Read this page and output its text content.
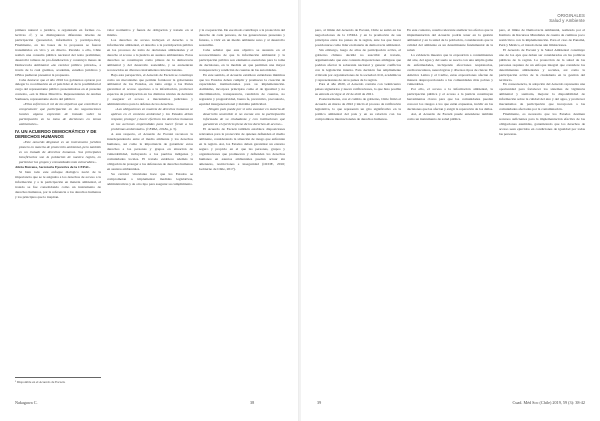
primera natural o jurídica, u organizada en formas co-lectivas o¹, y se distinguieron diferentes niveles de participación (presencial, informativa y participa-tiva). Finalmente, en las bases de la propuesta se fueron transmitidos en vivo y en directo. Paralelo a ello, Chile realizó una consulta pública nacional del texto preliminar, desarrolló talleres de pro-fundización y construyó mesas de Democracia Ambiental «de carácter público privado», a través de la cual gremios, academia, estudios jurídicos y ONGs pudieron presentar la propuesta.

Cabe destacar que el año 2016 los gobiernos optaron por delegar la coordinación en el país líder el de la posibilidad el cargo del representante público presentándose en el presente contexto, «en la Mesa Directiva. Representantes de Andrea Sanhueza, representante electa del público:

«Ellos sufrieron el rol de los objetivos que contribuir a comprometer que participación en las negociaciones locales alguna expresión de tratado sobre la participación en la toma de decisiones en temas ambientales».

IV. UN ACUERDO DEMOCRÁTICO Y DE DERECHOS HUMANOS

«Este Acuerdo Regional es un instrumento jurídico pionero en materia de protección ambiental, pero también es un tratado de derechos humanos. Sus principales beneficiarios son la población de nuestra región, en particular los grupos y comunidades más vulnerables».

Alicia Bárcena, Secretaria Ejecutiva de la CEPAL.

Si bien todo este enfoque dialógico nació de la importancia que se le asignaba a los derechos de acceso a la información y a la participación en materia ambiental, el tratado se fue consolidando como un instrumento de derechos humanos, por la referencia a los derechos humanos y los principios que lo inspiran.

valor normativo y fuerza de obligación y tratado en sí mismo.

Los derechos de acceso incluyen el derecho a la información ambiental, el derecho a la participación pública en los procesos de toma de decisiones ambientales y el derecho al acceso a la justicia en asuntos ambientales. Estos derechos se constituyen como pilares de la democracia ambiental y del desarrollo sostenible, y se encuentran reconocidos en diversos instrumentos internacionales.

Bajo esta perspectiva, el Acuerdo de Escazú se constituye como un mecanismo que permite fortalecer la gobernanza ambiental de los Estados, en tanto exige a las Partes garantizar el acceso oportuno a la información, promover espacios de participación en los distintos niveles de decisión y asegurar el acceso a mecanismos judiciales y administrativos para la defensa de los derechos.

«Las obligaciones en materia de derechos humanos se aplican en el contexto ambiental y los Estados deben respetar, proteger y hacer efectivos los derechos humanos en las acciones emprendidas para hacer frente a los problemas ambientales» (CEPAL, 2018a, p. 5).

A este respecto, el Acuerdo de Escazú reconoce la interdependencia entre el medio ambiente y los derechos humanos, así como la importancia de garantizar estos derechos a las personas y grupos en situación de vulnerabilidad, incluyendo a los pueblos indígenas y comunidades locales. El tratado establece además la obligación de proteger a los defensores de derechos humanos en asuntos ambientales.

Su carácter vinculante hace que los Estados se comprometan a implementar medidas legislativas, administrativas y de otro tipo para asegurar su cumplimiento.

y la cooperación. De ese modo contribuye a la protección del derecho de cada persona, de las generaciones presentes y futuras, a vivir en un medio ambiente sano y al desarrollo sostenible.

Cabe señalar que este objetivo se sustenta en el reconocimiento de que la información ambiental y la participación pública son elementos esenciales para la toma de decisiones, en la medida en que permiten una mayor transparencia y rendición de cuentas de las autoridades.

En este sentido, el Acuerdo establece estándares mínimos que los Estados deben cumplir y promueve la creación de capacidades institucionales para su implementación. Asimismo, incorpora principios como el de igualdad y no discriminación, transparencia, rendición de cuentas, no regresión y progresividad, buena fe, preventivo, precautorio, equidad intergeneracional y máxima publicidad.

«Ningún país puede por sí solo avanzar en materia de desarrollo sostenible si no cuenta con la participación informada de su ciudadanía y con instituciones que garanticen el ejercicio pleno de los derechos de acceso».

El Acuerdo de Escazú también establece disposiciones relevantes para la protección de quienes defienden el medio ambiente, considerando la situación de riesgo que enfrentan en la región. Así, los Estados deben garantizar un entorno seguro y propicio en el que las personas, grupos y organizaciones que promueven y defienden los derechos humanos en asuntos ambientales puedan actuar sin amenazas, restricciones e inseguridad (OCDE, 2016; Gobierno de Chile, 2017).

¹ Disponible en el Acuerdo de Escazú.
Nakagawa C.	38
ORIGINALES
Salud y Ambiente

pero, al límite del Acuerdo de Escazú, Chile se sumó en las negociaciones de la CEPAL y en la promoción de sus principios entre los países de la región, ante los que buscó posicionarse como líder en materia de democracia ambiental.

Sin embargo, luego de años de participación activa, el gobierno chileno decidió no suscribir el tratado, argumentando que este contenía disposiciones ambiguas que podrían afectar la soberanía nacional y generar conflictos con la legislación interna. Esta decisión fue ampliamente criticada por organizaciones de la sociedad civil, académicos y representantes de otros países de la región.

Para el año 2020, el Acuerdo contaba con veinticuatro países signatarios y nueve ratificaciones, lo que hizo posible su entrada en vigor el 22 de abril de 2021.

Posteriormente, con el cambio de gobierno, Chile firmó el Acuerdo en marzo de 2022 y inició el proceso de ratificación legislativa, lo que representó un giro significativo en la política ambiental del país y en su relación con los compromisos internacionales de derechos humanos.

En este contexto, resulta relevante analizar los efectos que la implementación del Acuerdo podría tener en la gestión ambiental y en la salud de la población, considerando que la calidad del ambiente es un determinante fundamental de la salud.

La evidencia muestra que la exposición a contaminantes del aire, del agua y del suelo se asocia con una amplia gama de enfermedades, incluyendo afecciones respiratorias, cardiovasculares, neurológicas y diversos tipos de cáncer. En América Latina y el Caribe, estas exposiciones afectan de manera desproporcionada a las comunidades más pobres y vulnerables.

Por ello, el acceso a la información ambiental, la participación pública y el acceso a la justicia constituyen herramientas claves para que las comunidades puedan conocer los riesgos a los que están expuestas, incidir en las decisiones que las afectan y exigir la reparación de los daños.

Así, el Acuerdo de Escazú puede entenderse también como un instrumento de salud pública.

pero, al límite de Democracia Ambiental, realizado por el Instituto de Recursos Mundiales de cuenta de caminos poco restrictivos con la implementación. Para el caso de Panamá, Perú y México, el tratado tiene aún limitaciones.

El Acuerdo de Escazú y la Salud Ambiental constituye uno de los ejes que deben ser considerados en las políticas públicas de la región. La protección de la salud de las personas requiere de un enfoque integral que considere los determinantes ambientales y sociales, así como la participación activa de la ciudadanía en la gestión del territorio.

En consecuencia, la adopción del Acuerdo representa una oportunidad para fortalecer los sistemas de vigilancia ambiental y sanitaria, mejorar la disponibilidad de información sobre la calidad del aire y del agua, y promover mecanismos de participación que incorporen a las comunidades afectadas por la contaminación.

Finalmente, es necesario que los Estados destinen recursos suficientes para la implementación efectiva de las obligaciones asumidas, garantizando que los derechos de acceso sean ejercidos en condiciones de igualdad por todas las personas.

39	Cuad. Méd Soc (Chile) 2019, 59 (3): 38-42
